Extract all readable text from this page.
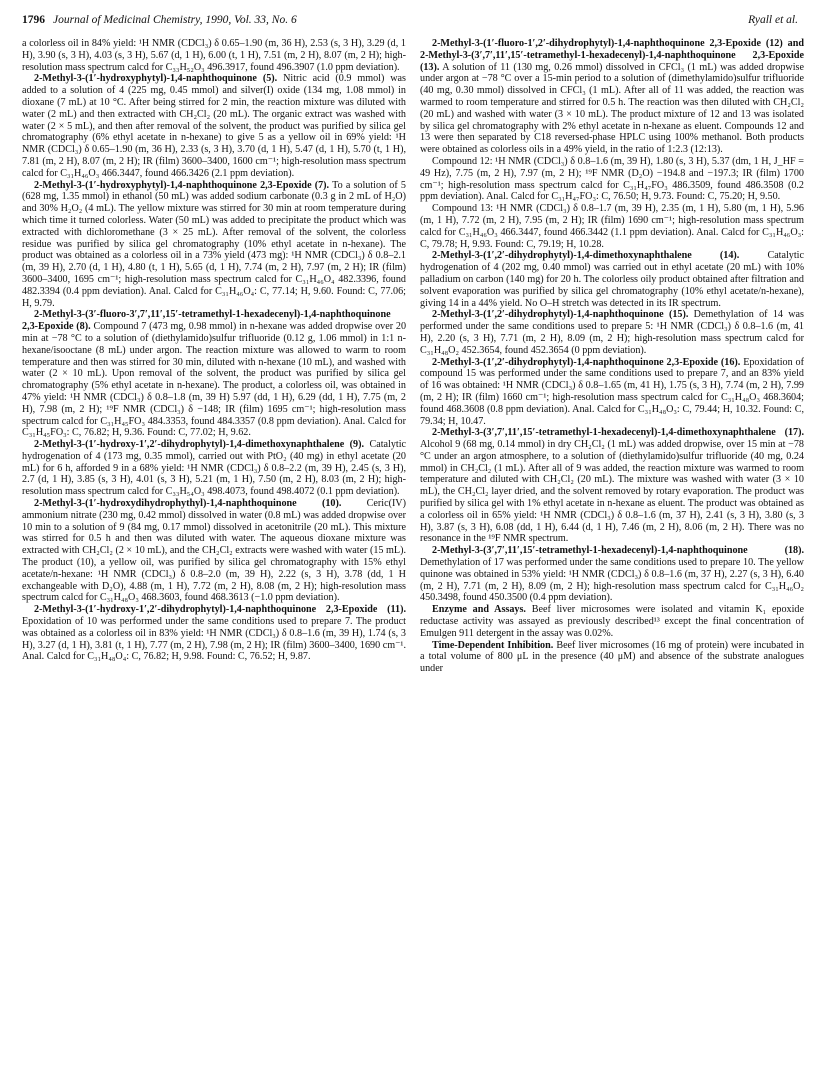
1796 Journal of Medicinal Chemistry, 1990, Vol. 33, No. 6	Ryall et al.

a colorless oil in 84% yield: ¹H NMR (CDCl₃) δ 0.65–1.90 (m, 36 H), 2.53 (s, 3 H), 3.29 (d, 1 H), 3.90 (s, 3 H), 4.03 (s, 3 H), 5.67 (d, 1 H), 6.00 (t, 1 H), 7.51 (m, 2 H), 8.07 (m, 2 H); high-resolution mass spectrum calcd for C₃₃H₅₂O₃ 496.3917, found 496.3907 (1.0 ppm deviation).

2-Methyl-3-(1′-hydroxyphytyl)-1,4-naphthoquinone (5). Nitric acid (0.9 mmol) was added to a solution of 4 (225 mg, 0.45 mmol) and silver(I) oxide (134 mg, 1.08 mmol) in dioxane (7 mL) at 10 °C. After being stirred for 2 min, the reaction mixture was diluted with water (2 mL) and then extracted with CH₂Cl₂ (20 mL). The organic extract was washed with water (2 × 5 mL), and then after removal of the solvent, the product was purified by silica gel chromatography (6% ethyl acetate in n-hexane) to give 5 as a yellow oil in 69% yield: ¹H NMR (CDCl₃) δ 0.65–1.90 (m, 36 H), 2.33 (s, 3 H), 3.70 (d, 1 H), 5.47 (d, 1 H), 5.70 (t, 1 H), 7.81 (m, 2 H), 8.07 (m, 2 H); IR (film) 3600–3400, 1600 cm⁻¹; high-resolution mass spectrum calcd for C₃₁H₄₆O₃ 466.3447, found 466.3426 (2.1 ppm deviation).

2-Methyl-3-(1′-hydroxyphytyl)-1,4-naphthoquinone 2,3-Epoxide (7). To a solution of 5 (628 mg, 1.35 mmol) in ethanol (50 mL) was added sodium carbonate (0.3 g in 2 mL of H₂O) and 30% H₂O₂ (4 mL). The yellow mixture was stirred for 30 min at room temperature during which time it turned colorless. Water (50 mL) was added to precipitate the product which was extracted with dichloromethane (3 × 25 mL). After removal of the solvent, the colorless residue was purified by silica gel chromatography (10% ethyl acetate in n-hexane). The product was obtained as a colorless oil in a 73% yield (473 mg): ¹H NMR (CDCl₃) δ 0.8–2.1 (m, 39 H), 2.70 (d, 1 H), 4.80 (t, 1 H), 5.65 (d, 1 H), 7.74 (m, 2 H), 7.97 (m, 2 H); IR (film) 3600–3400, 1695 cm⁻¹; high-resolution mass spectrum calcd for C₃₁H₄₆O₄ 482.3396, found 482.3394 (0.4 ppm deviation). Anal. Calcd for C₃₁H₄₆O₄: C, 77.14; H, 9.60. Found: C, 77.06; H, 9.79.

2-Methyl-3-(3′-fluoro-3′,7′,11′,15′-tetramethyl-1-hexadecenyl)-1,4-naphthoquinone 2,3-Epoxide (8). Compound 7 (473 mg, 0.98 mmol) in n-hexane was added dropwise over 20 min at −78 °C to a solution of (diethylamido)sulfur trifluoride (0.12 g, 1.06 mmol) in 1:1 n-hexane/isooctane (8 mL) under argon. The reaction mixture was allowed to warm to room temperature and then was stirred for 30 min, diluted with n-hexane (10 mL), and washed with water (2 × 10 mL). Upon removal of the solvent, the product was purified by silica gel chromatography (5% ethyl acetate in n-hexane). The product, a colorless oil, was obtained in 47% yield: ¹H NMR (CDCl₃) δ 0.8–1.8 (m, 39 H) 5.97 (dd, 1 H), 6.29 (dd, 1 H), 7.75 (m, 2 H), 7.98 (m, 2 H); ¹⁹F NMR (CDCl₃) δ −148; IR (film) 1695 cm⁻¹; high-resolution mass spectrum calcd for C₃₁H₄₅FO₃ 484.3353, found 484.3357 (0.8 ppm deviation). Anal. Calcd for C₃₁H₄₅FO₃: C, 76.82; H, 9.36. Found: C, 77.02; H, 9.62.

2-Methyl-3-(1′-hydroxy-1′,2′-dihydrophytyl)-1,4-dimethoxynaphthalene (9). Catalytic hydrogenation of 4 (173 mg, 0.35 mmol), carried out with PtO₂ (40 mg) in ethyl acetate (20 mL) for 6 h, afforded 9 in a 68% yield: ¹H NMR (CDCl₃) δ 0.8–2.2 (m, 39 H), 2.45 (s, 3 H), 2.7 (d, 1 H), 3.85 (s, 3 H), 4.01 (s, 3 H), 5.21 (m, 1 H), 7.50 (m, 2 H), 8.03 (m, 2 H); high-resolution mass spectrum calcd for C₃₃H₅₄O₃ 498.4073, found 498.4072 (0.1 ppm deviation).

2-Methyl-3-(1′-hydroxydihydrophythyl)-1,4-naphthoquinone (10). Ceric(IV) ammonium nitrate (230 mg, 0.42 mmol) dissolved in water (0.8 mL) was added dropwise over 10 min to a solution of 9 (84 mg, 0.17 mmol) dissolved in acetonitrile (20 mL). This mixture was stirred for 0.5 h and then was diluted with water. The aqueous dioxane mixture was extracted with CH₂Cl₂ (2 × 10 mL), and the CH₂Cl₂ extracts were washed with water (15 mL). The product (10), a yellow oil, was purified by silica gel chromatography with 15% ethyl acetate/n-hexane: ¹H NMR (CDCl₃) δ 0.8–2.0 (m, 39 H), 2.22 (s, 3 H), 3.78 (dd, 1 H exchangeable with D₂O), 4.88 (m, 1 H), 7.72 (m, 2 H), 8.08 (m, 2 H); high-resolution mass spectrum calcd for C₃₁H₄₈O₃ 468.3603, found 468.3613 (−1.0 ppm deviation).

2-Methyl-3-(1′-hydroxy-1′,2′-dihydrophytyl)-1,4-naphthoquinone 2,3-Epoxide (11). Epoxidation of 10 was performed under the same conditions used to prepare 7. The product was obtained as a colorless oil in 83% yield: ¹H NMR (CDCl₃) δ 0.8–1.6 (m, 39 H), 1.74 (s, 3 H), 3.27 (d, 1 H), 3.81 (t, 1 H), 7.77 (m, 2 H), 7.98 (m, 2 H); IR (film) 3600–3400, 1690 cm⁻¹. Anal. Calcd for C₃₁H₄₈O₄: C, 76.82; H, 9.98. Found: C, 76.52; H, 9.87.

2-Methyl-3-(1′-fluoro-1′,2′-dihydrophytyl)-1,4-naphthoquinone 2,3-Epoxide (12) and 2-Methyl-3-(3′,7′,11′,15′-tetramethyl-1-hexadecenyl)-1,4-naphthoquinone 2,3-Epoxide (13). A solution of 11 (130 mg, 0.26 mmol) dissolved in CFCl₃ (1 mL) was added dropwise under argon at −78 °C over a 15-min period to a solution of (dimethylamido)sulfur trifluoride (40 mg, 0.30 mmol) dissolved in CFCl₃ (1 mL). After all of 11 was added, the reaction was warmed to room temperature and stirred for 0.5 h. The reaction was then diluted with CH₂Cl₂ (20 mL) and washed with water (3 × 10 mL). The product mixture of 12 and 13 was isolated by silica gel chromatography with 2% ethyl acetate in n-hexane as eluent. Compounds 12 and 13 were then separated by C18 reversed-phase HPLC using 100% methanol. Both products were obtained as colorless oils in a 49% yield, in the ratio of 1:2.3 (12:13).

Compound 12: ¹H NMR (CDCl₃) δ 0.8–1.6 (m, 39 H), 1.80 (s, 3 H), 5.37 (dm, 1 H, J_HF = 49 Hz), 7.75 (m, 2 H), 7.97 (m, 2 H); ¹⁹F NMR (D₂O) −194.8 and −197.3; IR (film) 1700 cm⁻¹; high-resolution mass spectrum calcd for C₃₁H₄₇FO₃ 486.3509, found 486.3508 (0.2 ppm deviation). Anal. Calcd for C₃₁H₄₇FO₃: C, 76.50; H, 9.73. Found: C, 75.20; H, 9.50.

Compound 13: ¹H NMR (CDCl₃) δ 0.8–1.7 (m, 39 H), 2.35 (m, 1 H), 5.80 (m, 1 H), 5.96 (m, 1 H), 7.72 (m, 2 H), 7.95 (m, 2 H); IR (film) 1690 cm⁻¹; high-resolution mass spectrum calcd for C₃₁H₄₆O₃ 466.3447, found 466.3442 (1.1 ppm deviation). Anal. Calcd for C₃₁H₄₆O₃: C, 79.78; H, 9.93. Found: C, 79.19; H, 10.28.

2-Methyl-3-(1′,2′-dihydrophytyl)-1,4-dimethoxynaphthalene (14).	Catalytic hydrogenation of 4 (202 mg, 0.40 mmol) was carried out in ethyl acetate (20 mL) with 10% palladium on carbon (140 mg) for 20 h. The colorless oily product obtained after filtration and solvent evaporation was purified by silica gel chromatography (10% ethyl acetate/n-hexane), giving 14 in a 44% yield. No O–H stretch was detected in its IR spectrum.

2-Methyl-3-(1′,2′-dihydrophytyl)-1,4-naphthoquinone (15). Demethylation of 14 was performed under the same conditions used to prepare 5: ¹H NMR (CDCl₃) δ 0.8–1.6 (m, 41 H), 2.20 (s, 3 H), 7.71 (m, 2 H), 8.09 (m, 2 H); high-resolution mass spectrum calcd for C₃₁H₄₈O₂ 452.3654, found 452.3654 (0 ppm deviation).

2-Methyl-3-(1′,2′-dihydrophytyl)-1,4-naphthoquinone 2,3-Epoxide (16). Epoxidation of compound 15 was performed under the same conditions used to prepare 7, and an 83% yield of 16 was obtained: ¹H NMR (CDCl₃) δ 0.8–1.65 (m, 41 H), 1.75 (s, 3 H), 7.74 (m, 2 H), 7.99 (m, 2 H); IR (film) 1660 cm⁻¹; high-resolution mass spectrum calcd for C₃₁H₄₈O₃ 468.3604; found 468.3608 (0.8 ppm deviation). Anal. Calcd for C₃₁H₄₈O₃: C, 79.44; H, 10.32. Found: C, 79.34; H, 10.47.

2-Methyl-3-(3′,7′,11′,15′-tetramethyl-1-hexadecenyl)-1,4-dimethoxynaphthalene (17). Alcohol 9 (68 mg, 0.14 mmol) in dry CH₂Cl₂ (1 mL) was added dropwise, over 15 min at −78 °C under an argon atmosphere, to a solution of (diethylamido)sulfur trifluoride (40 mg, 0.24 mmol) in CH₂Cl₂ (1 mL). After all of 9 was added, the reaction mixture was warmed to room temperature and diluted with CH₂Cl₂ (20 mL). The mixture was washed with water (3 × 10 mL), the CH₂Cl₂ layer dried, and the solvent removed by rotary evaporation. The product was purified by silica gel with 1% ethyl acetate in n-hexane as eluent. The product was obtained as a colorless oil in 65% yield: ¹H NMR (CDCl₃) δ 0.8–1.6 (m, 37 H), 2.41 (s, 3 H), 3.80 (s, 3 H), 3.87 (s, 3 H), 6.08 (dd, 1 H), 6.44 (d, 1 H), 7.46 (m, 2 H), 8.06 (m, 2 H). There was no resonance in the ¹⁹F NMR spectrum.

2-Methyl-3-(3′,7′,11′,15′-tetramethyl-1-hexadecenyl)-1,4-naphthoquinone (18). Demethylation of 17 was performed under the same conditions used to prepare 10. The yellow quinone was obtained in 53% yield: ¹H NMR (CDCl₃) δ 0.8–1.6 (m, 37 H), 2.27 (s, 3 H), 6.40 (m, 2 H), 7.71 (m, 2 H), 8.09 (m, 2 H); high-resolution mass spectrum calcd for C₃₁H₄₆O₂ 450.3498, found 450.3500 (0.4 ppm deviation).

Enzyme and Assays. Beef liver microsomes were isolated and vitamin K₁ epoxide reductase activity was assayed as previously described¹³ except the final concentration of Emulgen 911 detergent in the assay was 0.02%.

Time-Dependent Inhibition. Beef liver microsomes (16 mg of protein) were incubated in a total volume of 800 μL in the presence (40 μM) and absence of the substrate analogues under
